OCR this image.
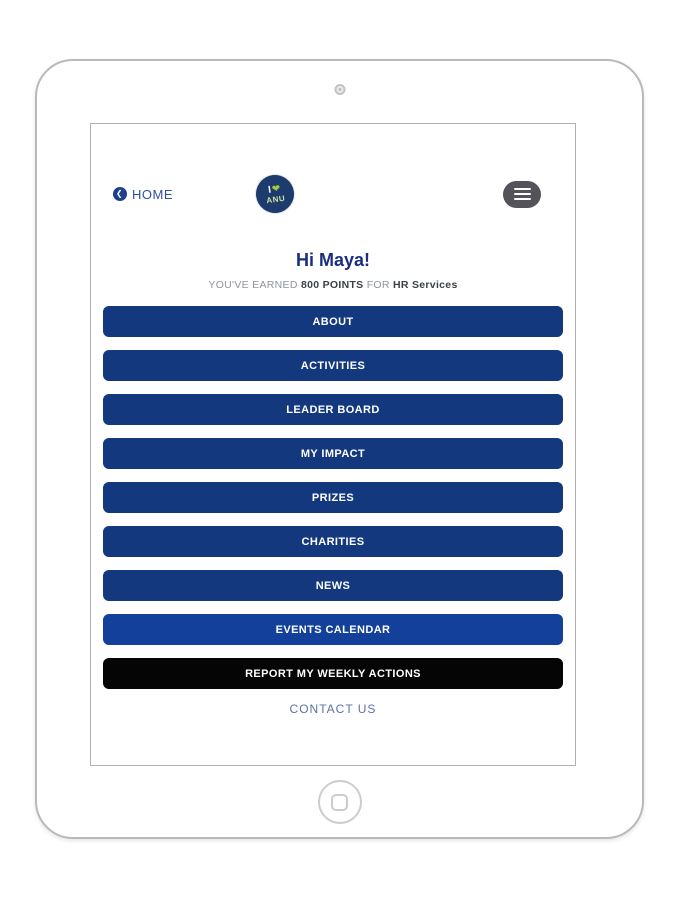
❮ HOME	I ❤
ANU
Hi Maya!
YOU'VE EARNED 800 POINTS FOR HR Services
ABOUT
ACTIVITIES
LEADER BOARD
MY IMPACT
PRIZES
CHARITIES
NEWS
EVENTS CALENDAR
REPORT MY WEEKLY ACTIONS
CONTACT US
